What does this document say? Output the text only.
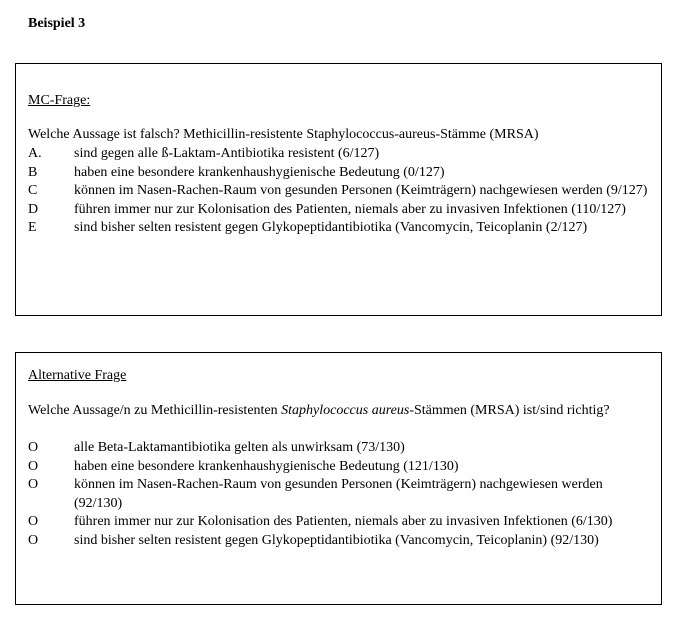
Beispiel 3
MC-Frage:
Welche Aussage ist falsch? Methicillin-resistente Staphylococcus-aureus-Stämme (MRSA)
A.	sind gegen alle ß-Laktam-Antibiotika resistent (6/127)
B	haben eine besondere krankenhaushygienische Bedeutung (0/127)
C	können im Nasen-Rachen-Raum von gesunden Personen (Keimträgern) nachgewiesen werden (9/127)
D	führen immer nur zur Kolonisation des Patienten, niemals aber zu invasiven Infektionen (110/127)
E	sind bisher selten resistent gegen Glykopeptidantibiotika (Vancomycin, Teicoplanin (2/127)
Alternative Frage
Welche Aussage/n zu Methicillin-resistenten Staphylococcus aureus-Stämmen (MRSA) ist/sind richtig?
O	alle Beta-Laktamantibiotika gelten als unwirksam (73/130)
O	haben eine besondere krankenhaushygienische Bedeutung (121/130)
O	können im Nasen-Rachen-Raum von gesunden Personen (Keimträgern) nachgewiesen werden (92/130)
O	führen immer nur zur Kolonisation des Patienten, niemals aber zu invasiven Infektionen (6/130)
O	sind bisher selten resistent gegen Glykopeptidantibiotika (Vancomycin, Teicoplanin) (92/130)
